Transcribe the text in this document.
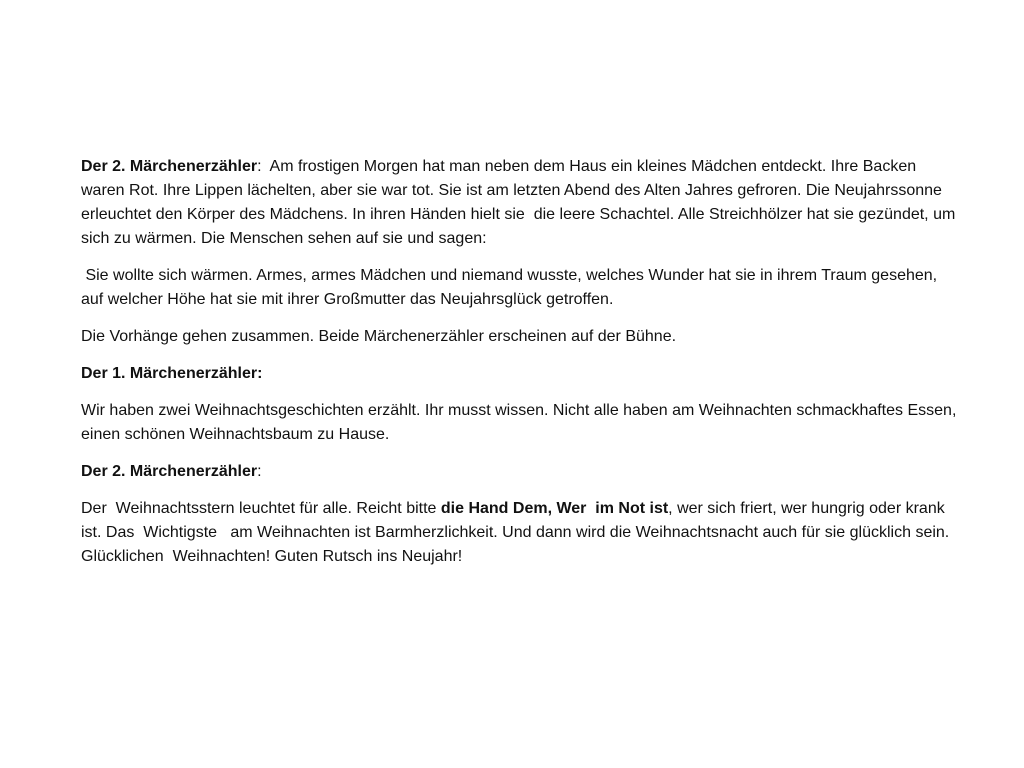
Der 2. Märchenerzähler:  Am frostigen Morgen hat man neben dem Haus ein kleines Mädchen entdeckt. Ihre Backen waren Rot. Ihre Lippen lächelten, aber sie war tot. Sie ist am letzten Abend des Alten Jahres gefroren. Die Neujahrssonne erleuchtet den Körper des Mädchens. In ihren Händen hielt sie  die leere Schachtel. Alle Streichhölzer hat sie gezündet, um sich zu wärmen. Die Menschen sehen auf sie und sagen:

Sie wollte sich wärmen. Armes, armes Mädchen und niemand wusste, welches Wunder hat sie in ihrem Traum gesehen, auf welcher Höhe hat sie mit ihrer Großmutter das Neujahrsglück getroffen.

Die Vorhänge gehen zusammen. Beide Märchenerzähler erscheinen auf der Bühne.

Der 1. Märchenerzähler:

Wir haben zwei Weihnachtsgeschichten erzählt. Ihr musst wissen. Nicht alle haben am Weihnachten schmackhaftes Essen, einen schönen Weihnachtsbaum zu Hause.

Der 2. Märchenerzähler:

Der  Weihnachtsstern leuchtet für alle. Reicht bitte die Hand Dem, Wer  im Not ist, wer sich friert, wer hungrig oder krank ist. Das  Wichtigste   am Weihnachten ist Barmherzlichkeit. Und dann wird die Weihnachtsnacht auch für sie glücklich sein. Glücklichen  Weihnachten! Guten Rutsch ins Neujahr!
